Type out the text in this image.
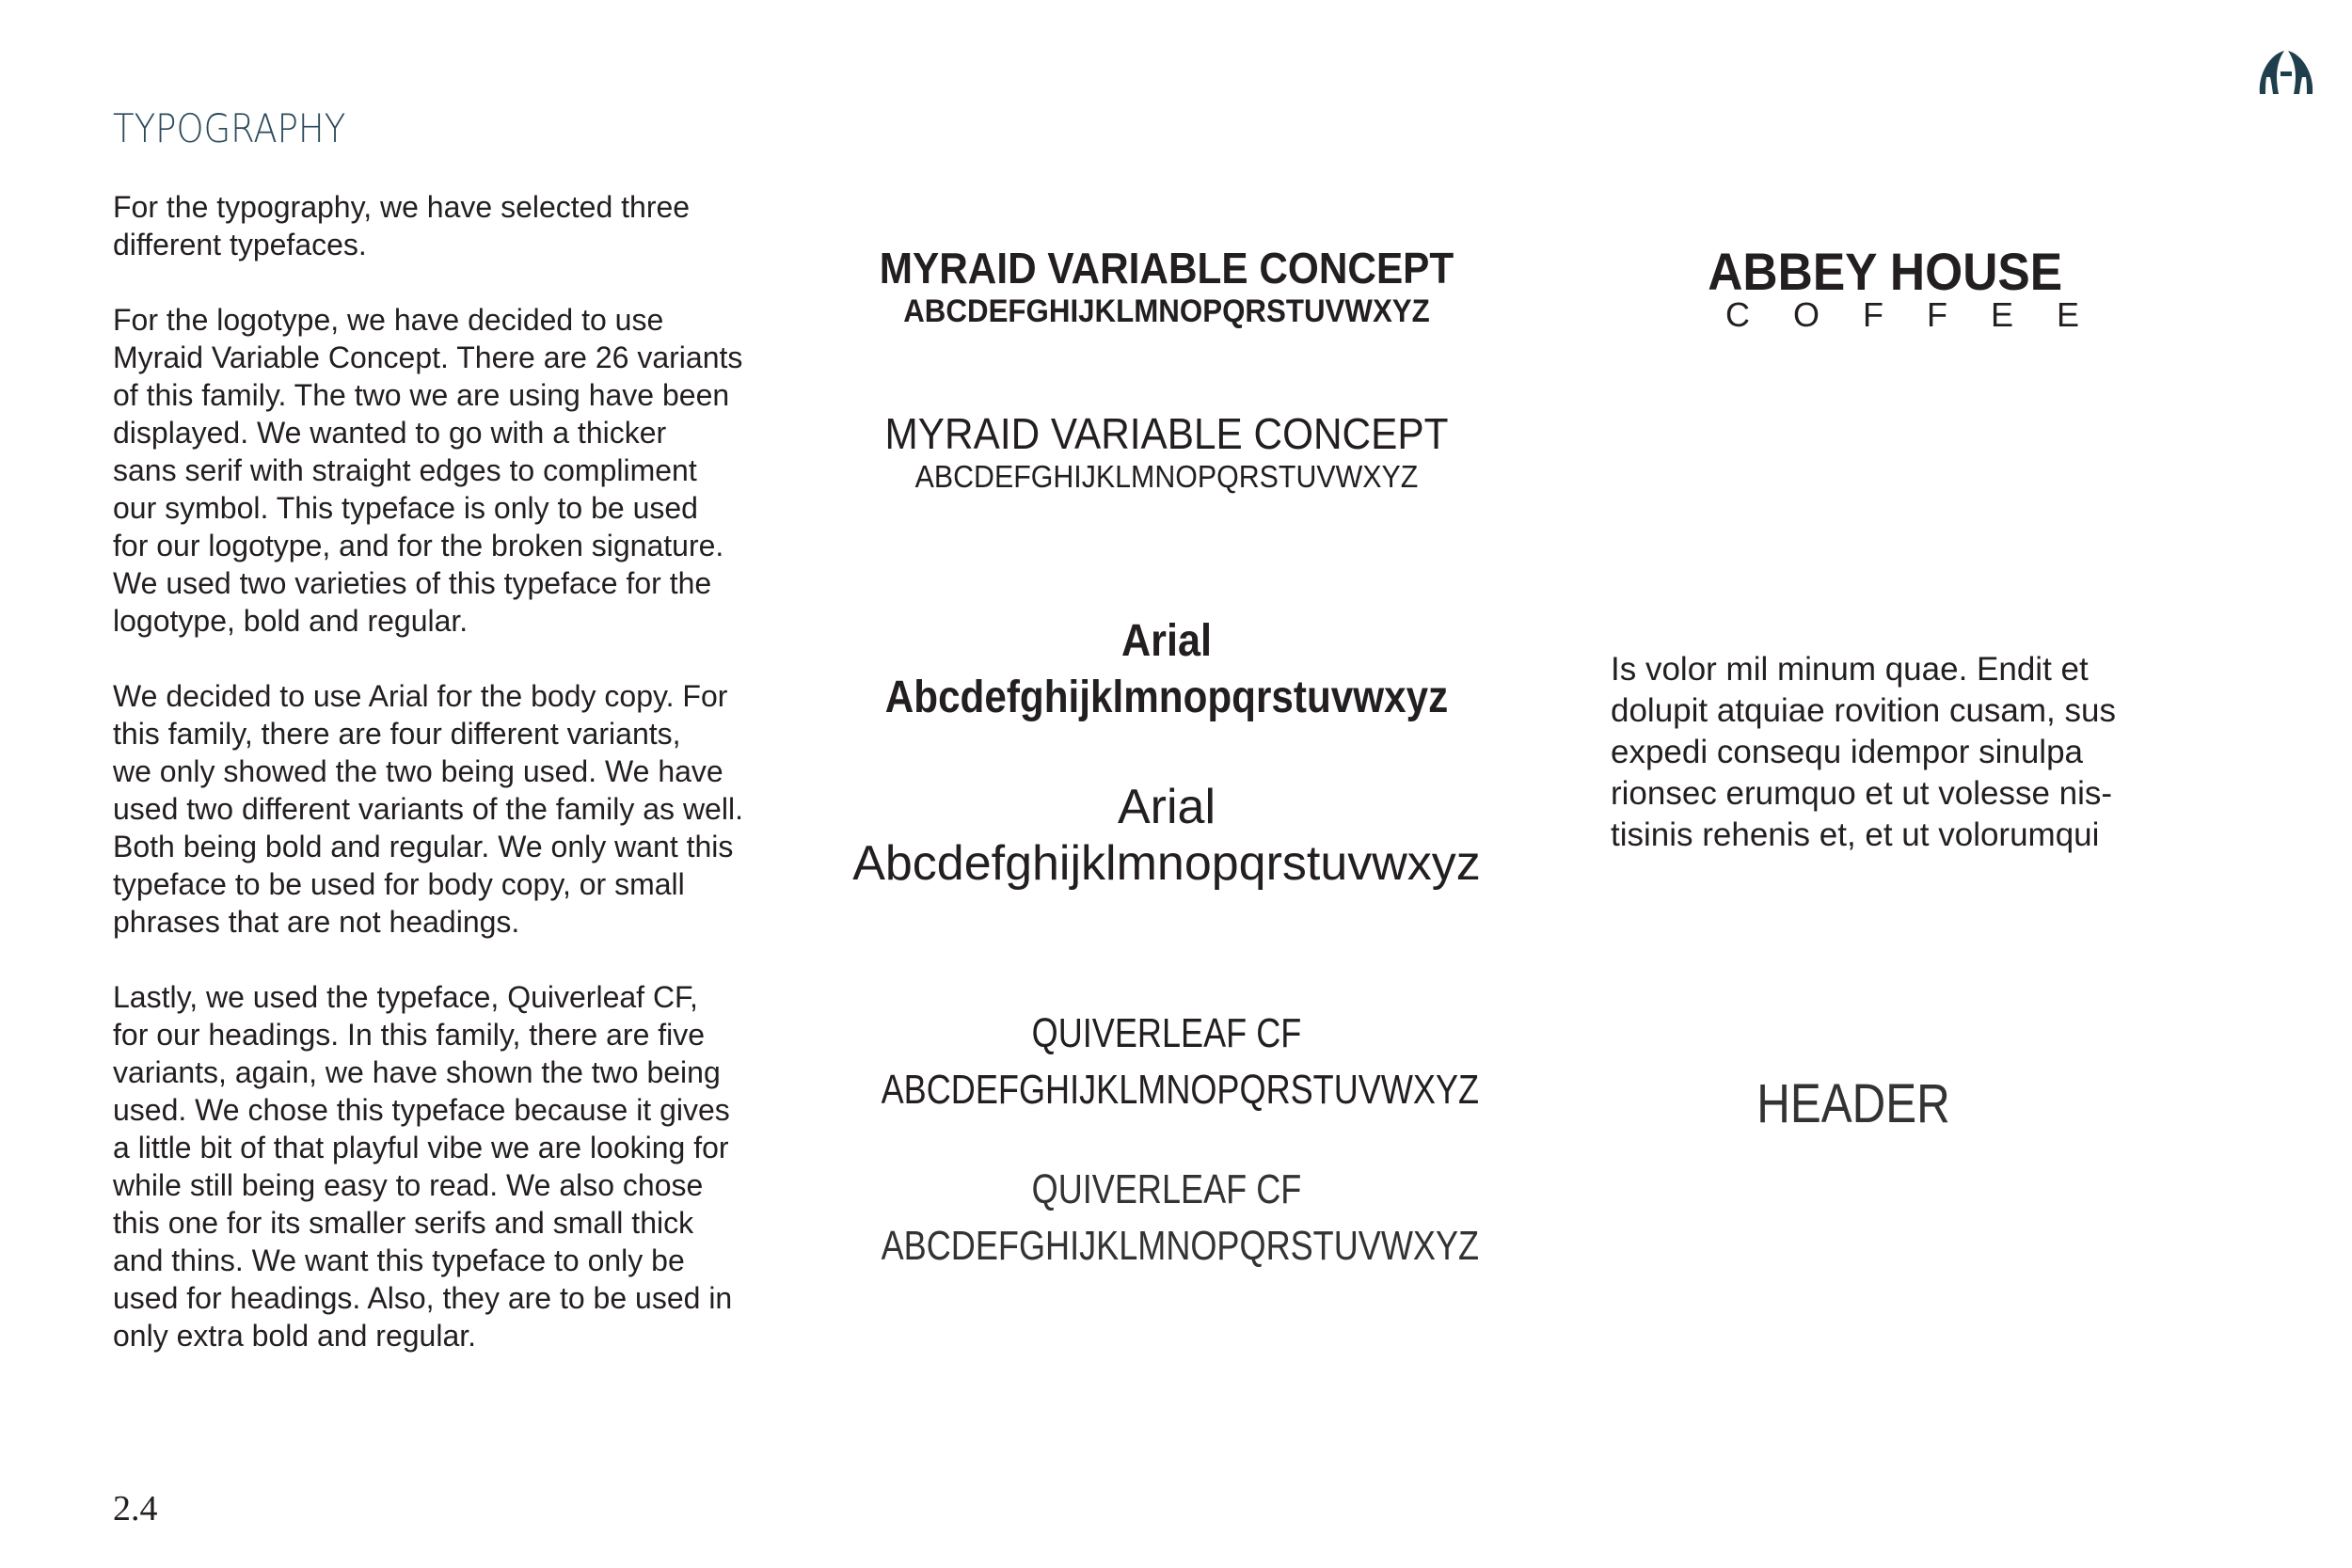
TYPOGRAPHY

For the typography, we have selected three
different typefaces.

For the logotype, we have decided to use
Myraid Variable Concept. There are 26 variants
of this family. The two we are using have been
displayed. We wanted to go with a thicker
sans serif with straight edges to compliment
our symbol. This typeface is only to be used
for our logotype, and for the broken signature.
We used two varieties of this typeface for the
logotype, bold and regular.

We decided to use Arial for the body copy. For
this family, there are four different variants,
we only showed the two being used. We have
used two different variants of the family as well.
Both being bold and regular. We only want this
typeface to be used for body copy, or small
phrases that are not headings.

Lastly, we used the typeface, Quiverleaf CF,
for our headings. In this family, there are five
variants, again, we have shown the two being
used. We chose this typeface because it gives
a little bit of that playful vibe we are looking for
while still being easy to read. We also chose
this one for its smaller serifs and small thick
and thins. We want this typeface to only be
used for headings. Also, they are to be used in
only extra bold and regular.

MYRAID VARIABLE CONCEPT
ABCDEFGHIJKLMNOPQRSTUVWXYZ
MYRAID VARIABLE CONCEPT
ABCDEFGHIJKLMNOPQRSTUVWXYZ
Arial
Abcdefghijklmnopqrstuvwxyz
Arial
Abcdefghijklmnopqrstuvwxyz
QUIVERLEAF CF
ABCDEFGHIJKLMNOPQRSTUVWXYZ
QUIVERLEAF CF
ABCDEFGHIJKLMNOPQRSTUVWXYZ
ABBEY HOUSE
COFFEE
Is volor mil minum quae. Endit et
dolupit atquiae rovition cusam, sus
expedi consequ idempor sinulpa
rionsec erumquo et ut volesse nis-
tisinis rehenis et, et ut volorumqui
HEADER
2.4
